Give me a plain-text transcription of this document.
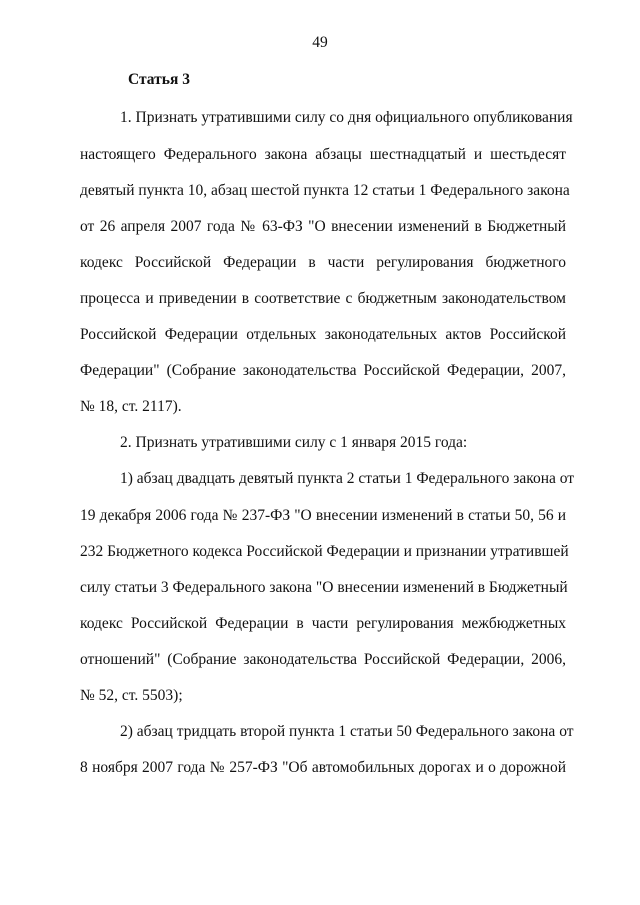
49
Статья 3
1. Признать утратившими силу со дня официального опубликования
настоящего Федерального закона абзацы шестнадцатый и шестьдесят
девятый пункта 10, абзац шестой пункта 12 статьи 1 Федерального закона
от 26 апреля 2007 года № 63-ФЗ "О внесении изменений в Бюджетный
кодекс Российской Федерации в части регулирования бюджетного
процесса и приведении в соответствие с бюджетным законодательством
Российской Федерации отдельных законодательных актов Российской
Федерации" (Собрание законодательства Российской Федерации, 2007,
№ 18, ст. 2117).
2. Признать утратившими силу с 1 января 2015 года:
1) абзац двадцать девятый пункта 2 статьи 1 Федерального закона от
19 декабря 2006 года № 237-ФЗ "О внесении изменений в статьи 50, 56 и
232 Бюджетного кодекса Российской Федерации и признании утратившей
силу статьи 3 Федерального закона "О внесении изменений в Бюджетный
кодекс Российской Федерации в части регулирования межбюджетных
отношений" (Собрание законодательства Российской Федерации, 2006,
№ 52, ст. 5503);
2) абзац тридцать второй пункта 1 статьи 50 Федерального закона от
8 ноября 2007 года № 257-ФЗ "Об автомобильных дорогах и о дорожной
